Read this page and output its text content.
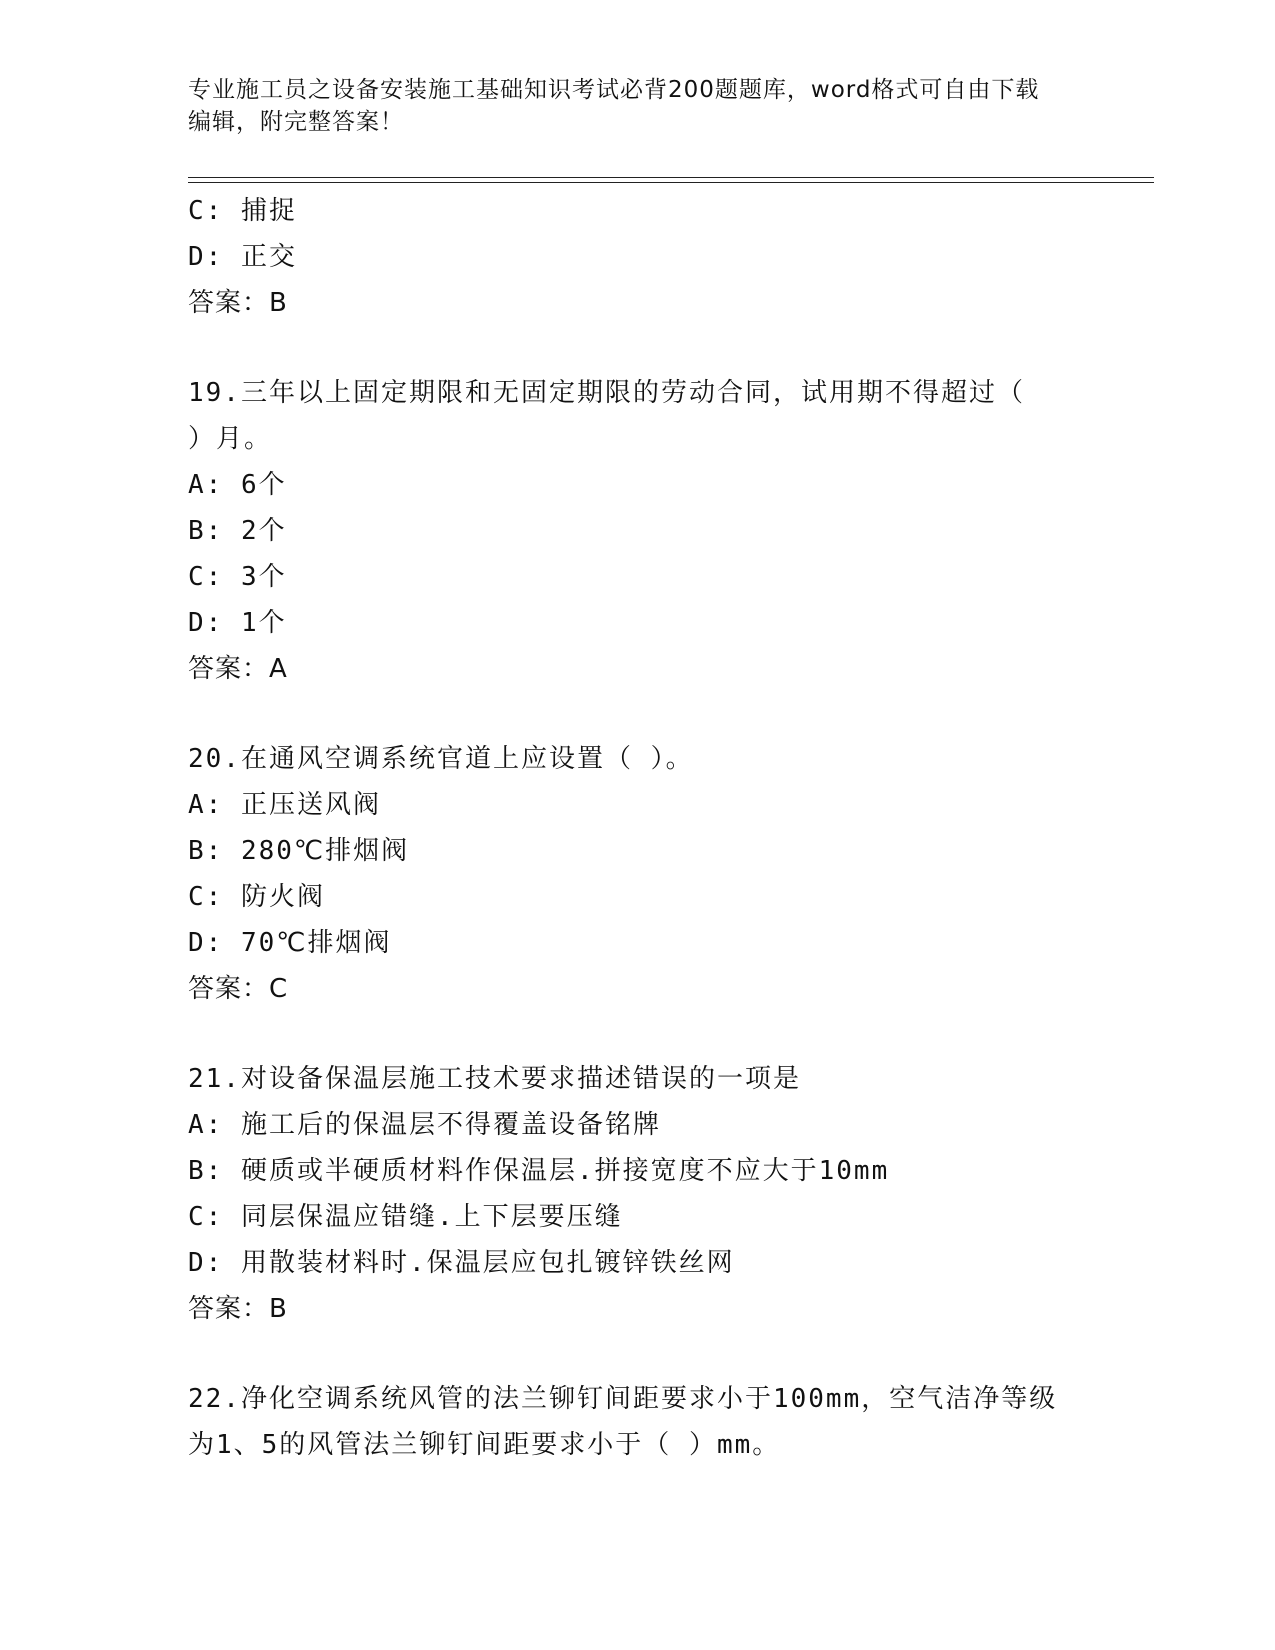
专业施工员之设备安装施工基础知识考试必背200题题库，word格式可自由下载
编辑，附完整答案！
C: 捕捉
D: 正交
答案：B
19.三年以上固定期限和无固定期限的劳动合同，试用期不得超过（
）月。
A: 6个
B: 2个
C: 3个
D: 1个
答案：A
20.在通风空调系统官道上应设置（ ）。
A: 正压送风阀
B: 280℃排烟阀
C: 防火阀
D: 70℃排烟阀
答案：C
21.对设备保温层施工技术要求描述错误的一项是
A: 施工后的保温层不得覆盖设备铭牌
B: 硬质或半硬质材料作保温层.拼接宽度不应大于10mm
C: 同层保温应错缝.上下层要压缝
D: 用散装材料时.保温层应包扎镀锌铁丝网
答案：B
22.净化空调系统风管的法兰铆钉间距要求小于100mm，空气洁净等级
为1、5的风管法兰铆钉间距要求小于（ ）mm。
